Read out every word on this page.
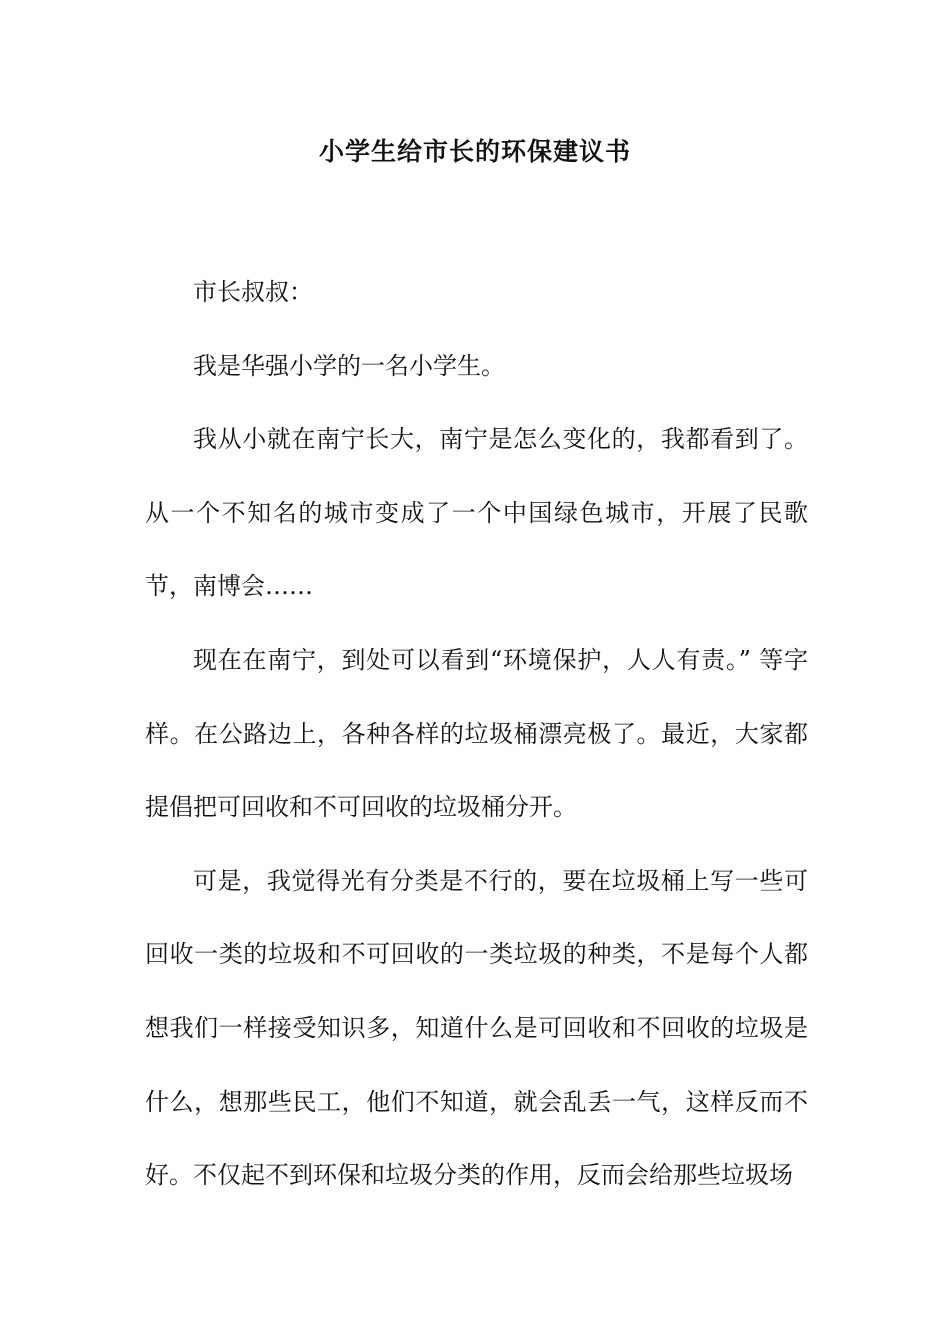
小学生给市长的环保建议书

市长叔叔：

我是华强小学的一名小学生。

我从小就在南宁长大，南宁是怎么变化的，我都看到了。从一个不知名的城市变成了一个中国绿色城市，开展了民歌节，南博会……

现在在南宁，到处可以看到“环境保护，人人有责。” 等字样。在公路边上，各种各样的垃圾桶漂亮极了。最近，大家都提倡把可回收和不可回收的垃圾桶分开。

可是，我觉得光有分类是不行的，要在垃圾桶上写一些可回收一类的垃圾和不可回收的一类垃圾的种类，不是每个人都想我们一样接受知识多，知道什么是可回收和不回收的垃圾是什么，想那些民工，他们不知道，就会乱丢一气，这样反而不好。不仅起不到环保和垃圾分类的作用，反而会给那些垃圾场
